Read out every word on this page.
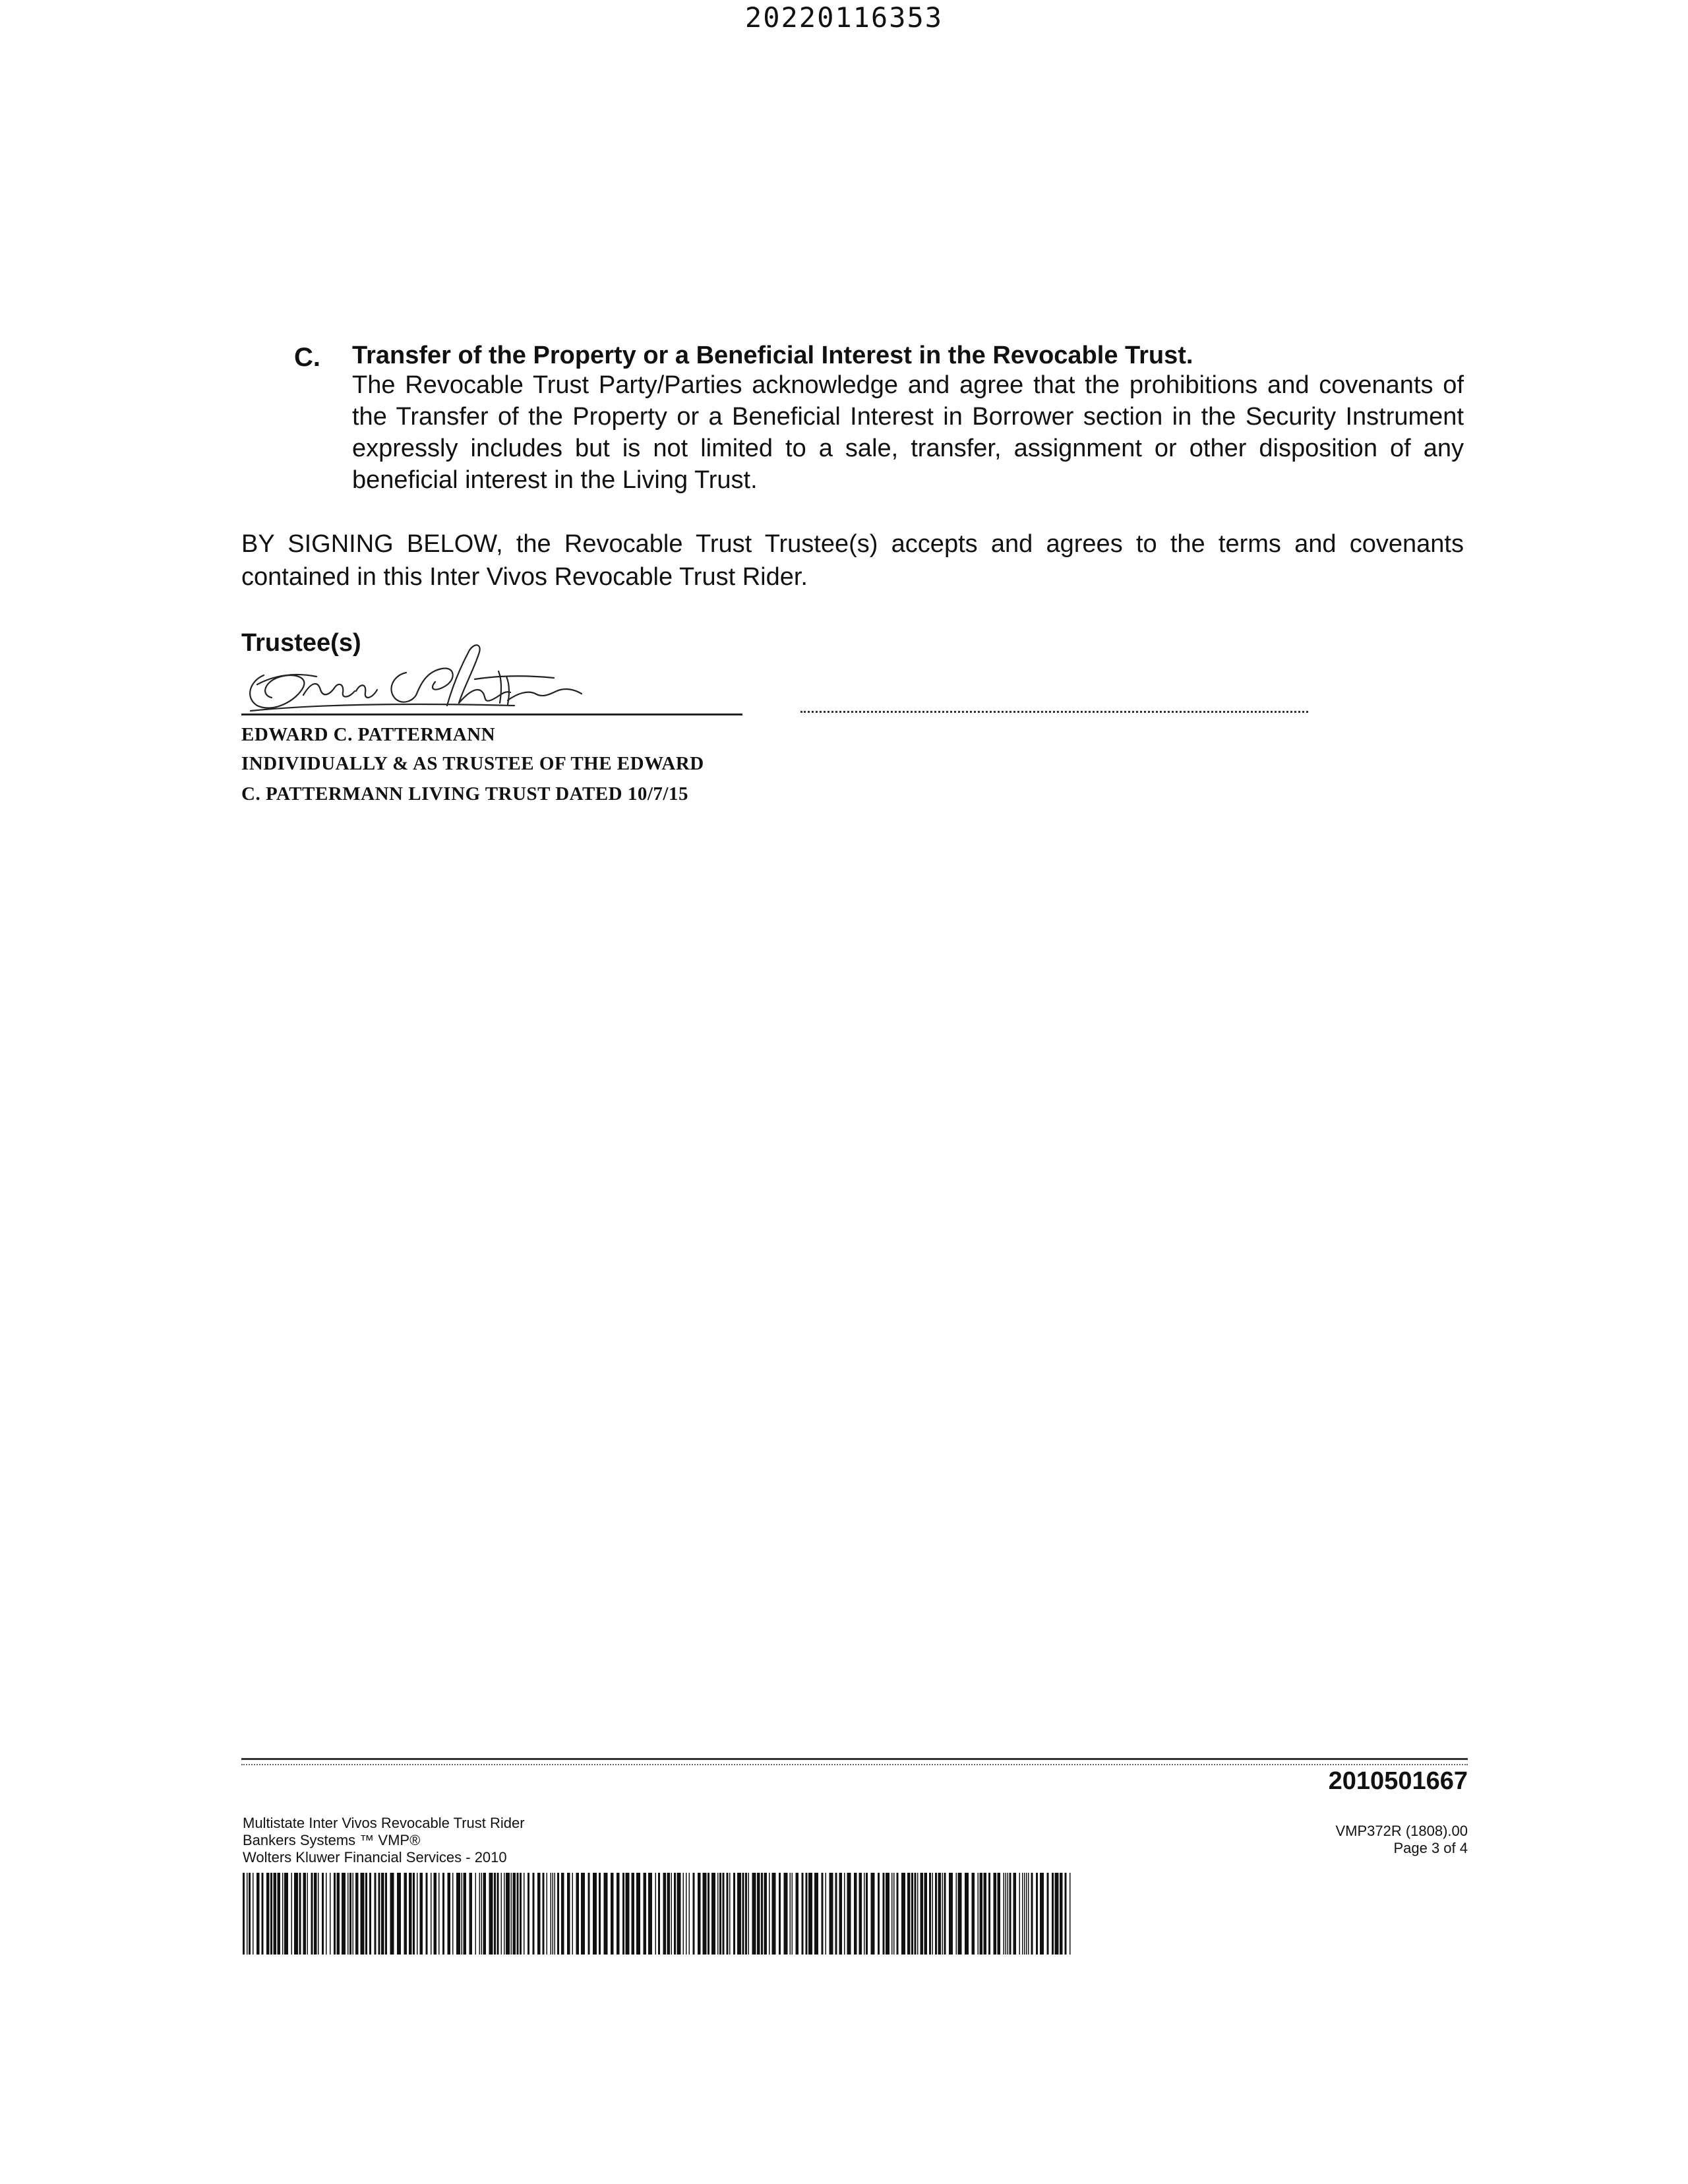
20220116353
C. Transfer of the Property or a Beneficial Interest in the Revocable Trust.
The Revocable Trust Party/Parties acknowledge and agree that the prohibitions and covenants of the Transfer of the Property or a Beneficial Interest in Borrower section in the Security Instrument expressly includes but is not limited to a sale, transfer, assignment or other disposition of any beneficial interest in the Living Trust.
BY SIGNING BELOW, the Revocable Trust Trustee(s) accepts and agrees to the terms and covenants contained in this Inter Vivos Revocable Trust Rider.
Trustee(s)
EDWARD C. PATTERMANN
INDIVIDUALLY & AS TRUSTEE OF THE EDWARD
C. PATTERMANN LIVING TRUST DATED 10/7/15
2010501667
Multistate Inter Vivos Revocable Trust Rider
Bankers Systems ™ VMP®
Wolters Kluwer Financial Services - 2010
VMP372R (1808).00
Page 3 of 4
